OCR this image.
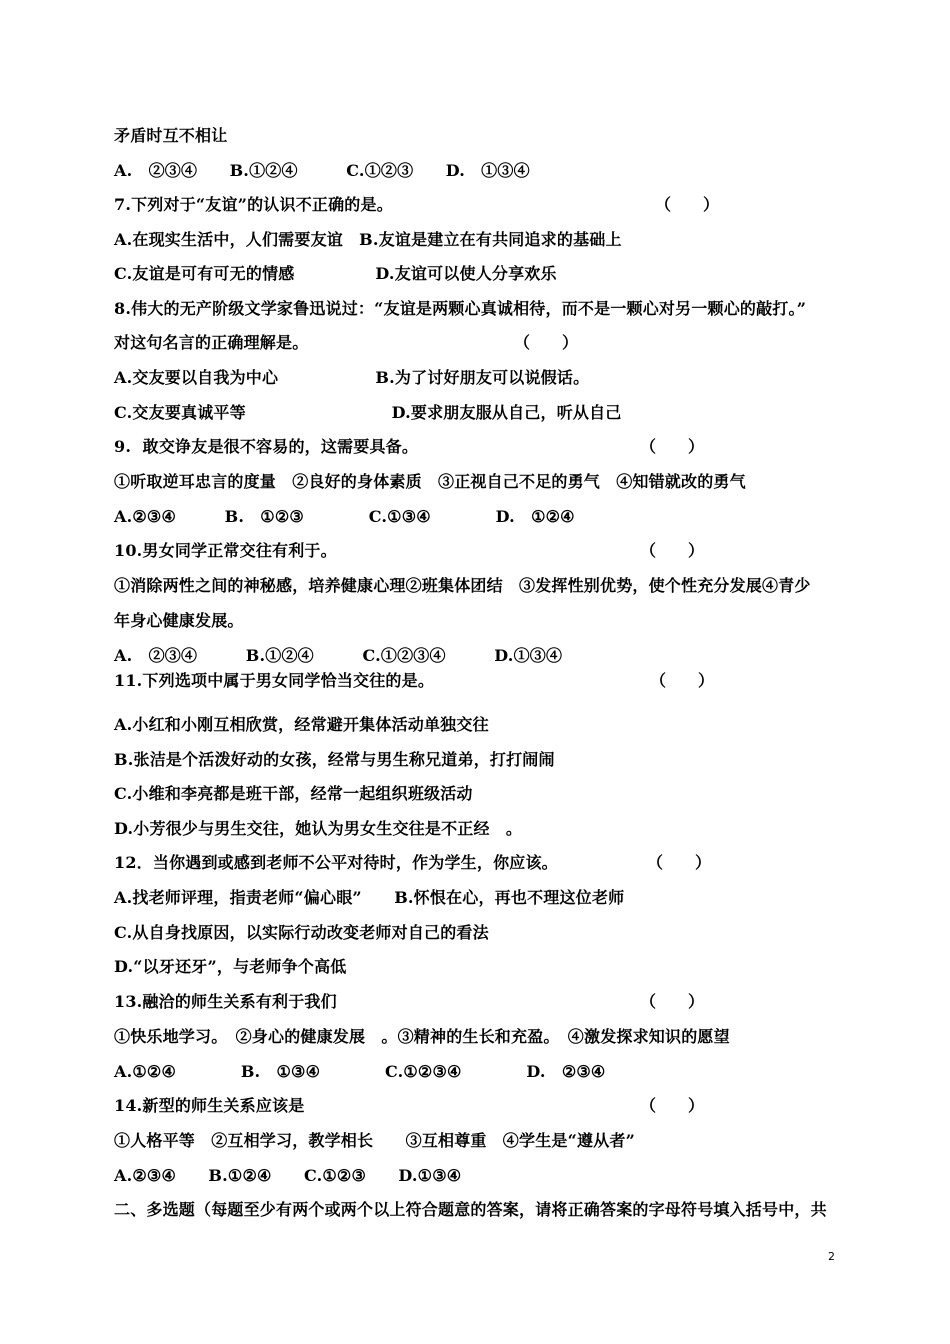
矛盾时互不相让
A.　②③④　　B.①②④　　　C.①②③　　D.　①③④
7.下列对于“友谊”的认识不正确的是。
A.在现实生活中，人们需要友谊　B.友谊是建立在有共同追求的基础上
C.友谊是可有可无的情感　　　　　D.友谊可以使人分享欢乐
8.伟大的无产阶级文学家鲁迅说过：“友谊是两颗心真诚相待，而不是一颗心对另一颗心的敲打。”
对这句名言的正确理解是。
A.交友要以自我为中心　　　　　　B.为了讨好朋友可以说假话。
C.交友要真诚平等　　　　　　　　　D.要求朋友服从自己，听从自己
9.  敢交诤友是很不容易的，这需要具备。
①听取逆耳忠言的度量　②良好的身体素质　③正视自己不足的勇气　④知错就改的勇气
A.②③④　　　B.　①②③　　　　C.①③④　　　　D.　①②④
10.男女同学正常交往有利于。
①消除两性之间的神秘感，培养健康心理②班集体团结　③发挥性别优势，使个性充分发展④青少
年身心健康发展。
A.　②③④　　　B.①②④　　　C.①②③④　　　D.①③④
11.下列选项中属于男女同学恰当交往的是。
A.小红和小刚互相欣赏，经常避开集体活动单独交往
B.张洁是个活泼好动的女孩，经常与男生称兄道弟，打打闹闹
C.小维和李亮都是班干部，经常一起组织班级活动
D.小芳很少与男生交往，她认为男女生交往是不正经　。
12．当你遇到或感到老师不公平对待时，作为学生，你应该。
A.找老师评理，指责老师“偏心眼”　　B.怀恨在心，再也不理这位老师
C.从自身找原因，以实际行动改变老师对自己的看法
D.“以牙还牙”，与老师争个高低
13.融洽的师生关系有利于我们
①快乐地学习。　②身心的健康发展　。③精神的生长和充盈。　④激发探求知识的愿望
A.①②④　　　　B.　①③④　　　　C.①②③④　　　　D.　②③④
14.新型的师生关系应该是
①人格平等　②互相学习，教学相长　　③互相尊重　④学生是“遵从者”
A.②③④　　B.①②④　　C.①②③　　D.①③④
二、多选题（每题至少有两个或两个以上符合题意的答案，请将正确答案的字母符号填入括号中，共
（　　）
（　　）
（　　）
（　　）
（　　）
（　　）
（　　）
（　　）
2
